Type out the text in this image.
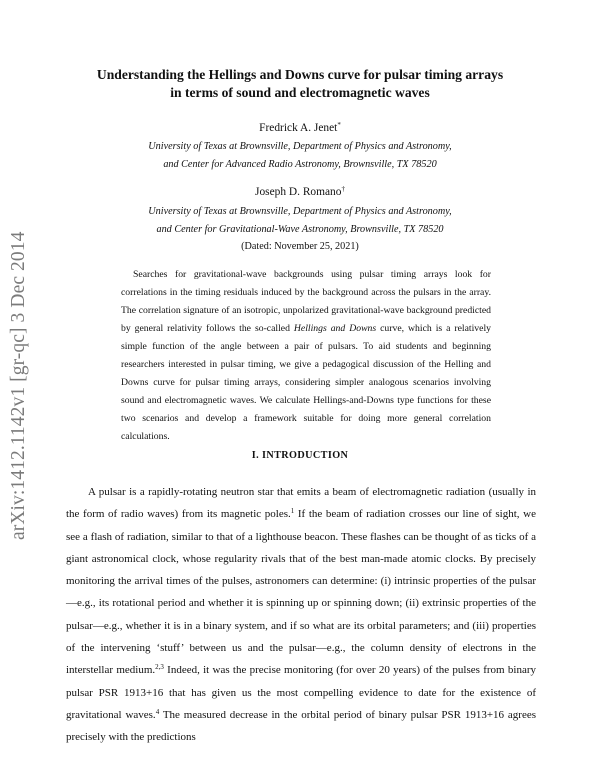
arXiv:1412.1142v1 [gr-qc] 3 Dec 2014
Understanding the Hellings and Downs curve for pulsar timing arrays
in terms of sound and electromagnetic waves
Fredrick A. Jenet*
University of Texas at Brownsville, Department of Physics and Astronomy,
and Center for Advanced Radio Astronomy, Brownsville, TX 78520
Joseph D. Romano†
University of Texas at Brownsville, Department of Physics and Astronomy,
and Center for Gravitational-Wave Astronomy, Brownsville, TX 78520
(Dated: November 25, 2021)
Searches for gravitational-wave backgrounds using pulsar timing arrays look for correlations in the timing residuals induced by the background across the pulsars in the array. The correlation signature of an isotropic, unpolarized gravitational-wave background predicted by general relativity follows the so-called Hellings and Downs curve, which is a relatively simple function of the angle between a pair of pulsars. To aid students and beginning researchers interested in pulsar timing, we give a pedagogical discussion of the Helling and Downs curve for pulsar timing arrays, considering simpler analogous scenarios involving sound and electromagnetic waves. We calculate Hellings-and-Downs type functions for these two scenarios and develop a framework suitable for doing more general correlation calculations.
I. INTRODUCTION
A pulsar is a rapidly-rotating neutron star that emits a beam of electromagnetic radiation (usually in the form of radio waves) from its magnetic poles.$^1$ If the beam of radiation crosses our line of sight, we see a flash of radiation, similar to that of a lighthouse beacon. These flashes can be thought of as ticks of a giant astronomical clock, whose regularity rivals that of the best man-made atomic clocks. By precisely monitoring the arrival times of the pulses, astronomers can determine: (i) intrinsic properties of the pulsar—e.g., its rotational period and whether it is spinning up or spinning down; (ii) extrinsic properties of the pulsar—e.g., whether it is in a binary system, and if so what are its orbital parameters; and (iii) properties of the intervening ‘stuff’ between us and the pulsar—e.g., the column density of electrons in the interstellar medium.$^{2,3}$ Indeed, it was the precise monitoring (for over 20 years) of the pulses from binary pulsar PSR 1913+16 that has given us the most compelling evidence to date for the existence of gravitational waves.$^4$ The measured decrease in the orbital period of binary pulsar PSR 1913+16 agrees precisely with the predictions
